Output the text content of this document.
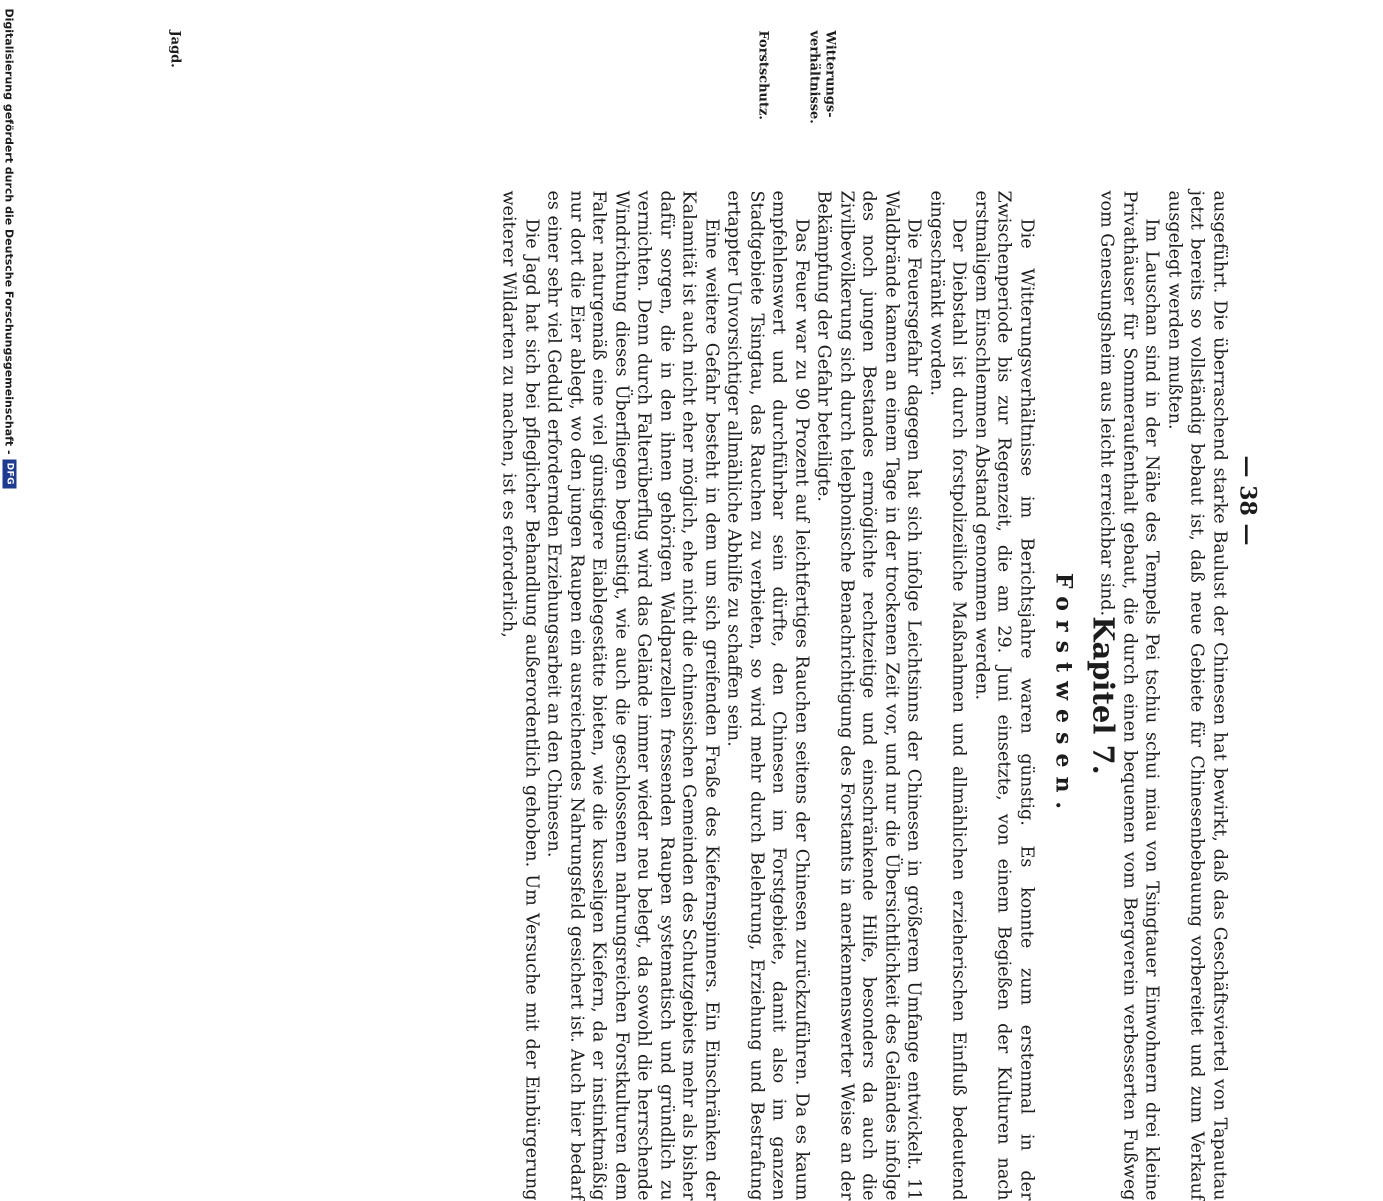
— 38 —

ausgeführt. Die überraschend starke Baulust der Chinesen hat bewirkt, daß das Geschäftsviertel von Tapautau jetzt bereits so vollständig bebaut ist, daß neue Gebiete für Chinesenbebauung vorbereitet und zum Verkauf ausgelegt werden mußten.

Im Lauschan sind in der Nähe des Tempels Pei tschiu schui miau von Tsingtauer Einwohnern drei kleine Privathäuser für Sommeraufenthalt gebaut, die durch einen bequemen vom Bergverein verbesserten Fußweg vom Genesungsheim aus leicht erreichbar sind.

Kapitel 7.
Forstwesen.
Witterungs-
verhältnisse.
Forstschutz.
Jagd.

Die Witterungsverhältnisse im Berichtsjahre waren günstig. Es konnte zum erstenmal in der Zwischenperiode bis zur Regenzeit, die am 29. Juni einsetzte, von einem Begießen der Kulturen nach erstmaligem Einschlemmen Abstand genommen werden.

Der Diebstahl ist durch forstpolizeiliche Maßnahmen und allmählichen erzieherischen Einfluß bedeutend eingeschränkt worden.

Die Feuersgefahr dagegen hat sich infolge Leichtsinns der Chinesen in größerem Umfange entwickelt. 11 Waldbrände kamen an einem Tage in der trockenen Zeit vor, und nur die Übersichtlichkeit des Geländes infolge des noch jungen Bestandes ermöglichte rechtzeitige und einschränkende Hilfe, besonders da auch die Zivilbevölkerung sich durch telephonische Benachrichtigung des Forstamts in anerkennenswerter Weise an der Bekämpfung der Gefahr beteiligte.

Das Feuer war zu 90 Prozent auf leichtfertiges Rauchen seitens der Chinesen zurückzuführen. Da es kaum empfehlenswert und durchführbar sein dürfte, den Chinesen im Forstgebiete, damit also im ganzen Stadtgebiete Tsingtau, das Rauchen zu verbieten, so wird mehr durch Belehrung, Erziehung und Bestrafung ertappter Unvorsichtiger allmähliche Abhilfe zu schaffen sein.

Eine weitere Gefahr besteht in dem um sich greifenden Fraße des Kiefernspinners. Ein Einschränken der Kalamität ist auch nicht eher möglich, ehe nicht die chinesischen Gemeinden des Schutzgebiets mehr als bisher dafür sorgen, die in den ihnen gehörigen Waldparzellen fressenden Raupen systematisch und gründlich zu vernichten. Denn durch Falterüberflug wird das Gelände immer wieder neu belegt, da sowohl die herrschende Windrichtung dieses Überfliegen begünstigt, wie auch die geschlossenen nahrungsreichen Forstkulturen dem Falter naturgemäß eine viel günstigere Eiablegestätte bieten, wie die kusseligen Kiefern, da er instinktmäßig nur dort die Eier ablegt, wo den jungen Raupen ein ausreichendes Nahrungsfeld gesichert ist. Auch hier bedarf es einer sehr viel Geduld erfordernden Erziehungsarbeit an den Chinesen.

Die Jagd hat sich bei pfleglicher Behandlung außerordentlich gehoben. Um Versuche mit der Einbürgerung weiterer Wildarten zu machen, ist es erforderlich,

Digitalisierung gefördert durch die Deutsche Forschungsgemeinschaft -
DFG
